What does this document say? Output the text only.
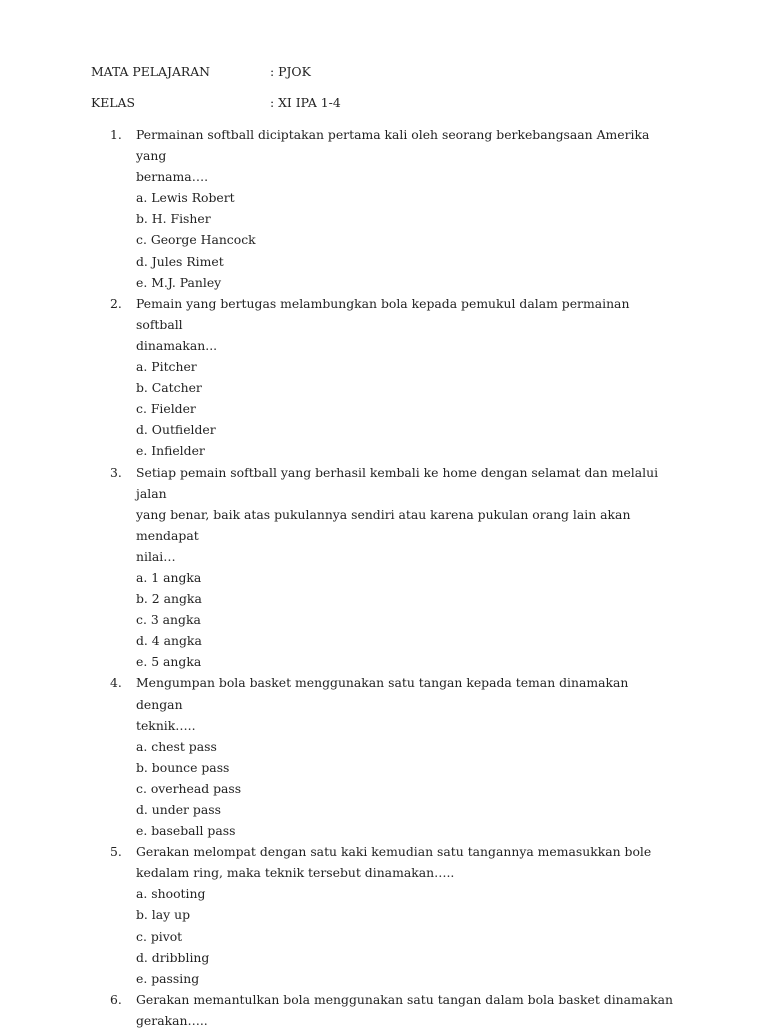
MATA PELAJARAN	: PJOK
KELAS	: XI IPA 1-4
1.	Permainan softball diciptakan pertama kali oleh seorang berkebangsaan Amerika yang
bernama….
a. Lewis Robert
b. H. Fisher
c. George Hancock
d. Jules Rimet
e. M.J. Panley
2.	Pemain yang bertugas melambungkan bola kepada pemukul dalam permainan softball
dinamakan...
a. Pitcher
b. Catcher
c. Fielder
d. Outfielder
e. Infielder
3.	Setiap pemain softball yang berhasil kembali ke home dengan selamat dan melalui jalan
yang benar, baik atas pukulannya sendiri atau karena pukulan orang lain akan mendapat
nilai…
a. 1 angka
b. 2 angka
c. 3 angka
d. 4 angka
e. 5 angka
4.	Mengumpan bola basket menggunakan satu tangan kepada teman dinamakan dengan
teknik…..
a. chest pass
b. bounce pass
c. overhead pass
d. under pass
e. baseball pass
5.	Gerakan melompat dengan satu kaki kemudian satu tangannya memasukkan bole
kedalam ring, maka teknik tersebut dinamakan…..
a. shooting
b. lay up
c. pivot
d. dribbling
e. passing
6.	Gerakan memantulkan bola menggunakan satu tangan dalam bola basket dinamakan
gerakan…..
